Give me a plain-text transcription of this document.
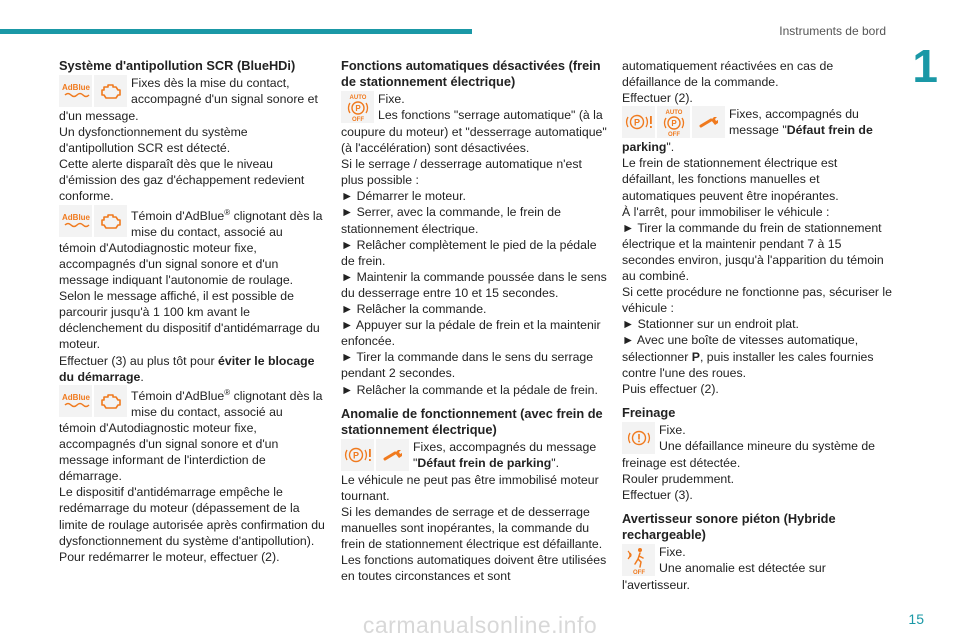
Instruments de bord
1
Système d'antipollution SCR (BlueHDi)
AdBlue	Fixes dès la mise du contact, accompagné d'un signal sonore et
d'un message.
Un dysfonctionnement du système d'antipollution SCR est détecté.
Cette alerte disparaît dès que le niveau d'émission des gaz d'échappement redevient conforme.
AdBlue	Témoin d'AdBlue® clignotant dès la mise du contact, associé au
témoin d'Autodiagnostic moteur fixe, accompagnés d'un signal sonore et d'un message indiquant l'autonomie de roulage.
Selon le message affiché, il est possible de parcourir jusqu'à 1 100 km avant le déclenchement du dispositif d'antidémarrage du moteur.
Effectuer (3) au plus tôt pour éviter le blocage du démarrage.
AdBlue	Témoin d'AdBlue® clignotant dès la mise du contact, associé au
témoin d'Autodiagnostic moteur fixe, accompagnés d'un signal sonore et d'un message informant de l'interdiction de démarrage.
Le dispositif d'antidémarrage empêche le redémarrage du moteur (dépassement de la limite de roulage autorisée après confirmation du dysfonctionnement du système d'antipollution).
Pour redémarrer le moteur, effectuer (2).
Fonctions automatiques désactivées (frein de stationnement électrique)
AUTO
P
OFF
Fixe.
Les fonctions "serrage automatique" (à la
coupure du moteur) et "desserrage automatique" (à l'accélération) sont désactivées.
Si le serrage / desserrage automatique n'est plus possible :
► Démarrer le moteur.
► Serrer, avec la commande, le frein de stationnement électrique.
► Relâcher complètement le pied de la pédale de frein.
► Maintenir la commande poussée dans le sens du desserrage entre 10 et 15 secondes.
► Relâcher la commande.
► Appuyer sur la pédale de frein et la maintenir enfoncée.
► Tirer la commande dans le sens du serrage pendant 2 secondes.
► Relâcher la commande et la pédale de frein.
Anomalie de fonctionnement (avec frein de stationnement électrique)
P
Fixes, accompagnés du message "Défaut frein de parking".
Le véhicule ne peut pas être immobilisé moteur tournant.
Si les demandes de serrage et de desserrage manuelles sont inopérantes, la commande du frein de stationnement électrique est défaillante.
Les fonctions automatiques doivent être utilisées en toutes circonstances et sont
automatiquement réactivées en cas de défaillance de la commande.
Effectuer (2).
P
AUTO
P
OFF
Fixes, accompagnés du message "Défaut frein de
parking".
Le frein de stationnement électrique est défaillant, les fonctions manuelles et automatiques peuvent être inopérantes.
À l'arrêt, pour immobiliser le véhicule :
► Tirer la commande du frein de stationnement électrique et la maintenir pendant 7 à 15 secondes environ, jusqu'à l'apparition du témoin au combiné.
Si cette procédure ne fonctionne pas, sécuriser le véhicule :
► Stationner sur un endroit plat.
► Avec une boîte de vitesses automatique, sélectionner P, puis installer les cales fournies contre l'une des roues.
Puis effectuer (2).
Freinage
Fixe.
Une défaillance mineure du système de
freinage est détectée.
Rouler prudemment.
Effectuer (3).
Avertisseur sonore piéton (Hybride rechargeable)
OFF
Fixe.
Une anomalie est détectée sur
l'avertisseur.
carmanualsonline.info	15
